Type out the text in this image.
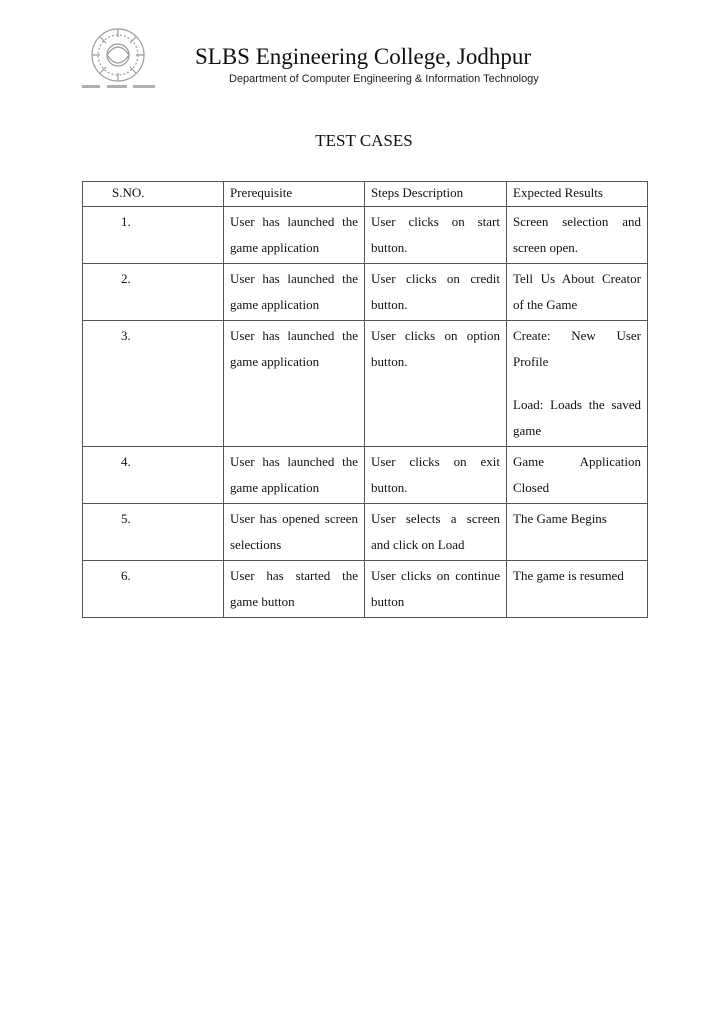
SLBS Engineering College, Jodhpur
Department of Computer Engineering & Information Technology
TEST CASES
S.NO.	Prerequisite	Steps Description	Expected Results
1.	User has launched the game application	User clicks on start button.	Screen selection and screen open.
2.	User has launched the game application	User clicks on credit button.	Tell Us About Creator of the Game
3.	User has launched the game application	User clicks on option button.	Create: New User Profile
Load: Loads the saved game

4.	User has launched the game application	User clicks on exit button.	Game Application Closed
5.	User has opened screen selections	User selects a screen and click on Load	The Game Begins
6.	User has started the game button	User clicks on continue button	The game is resumed
